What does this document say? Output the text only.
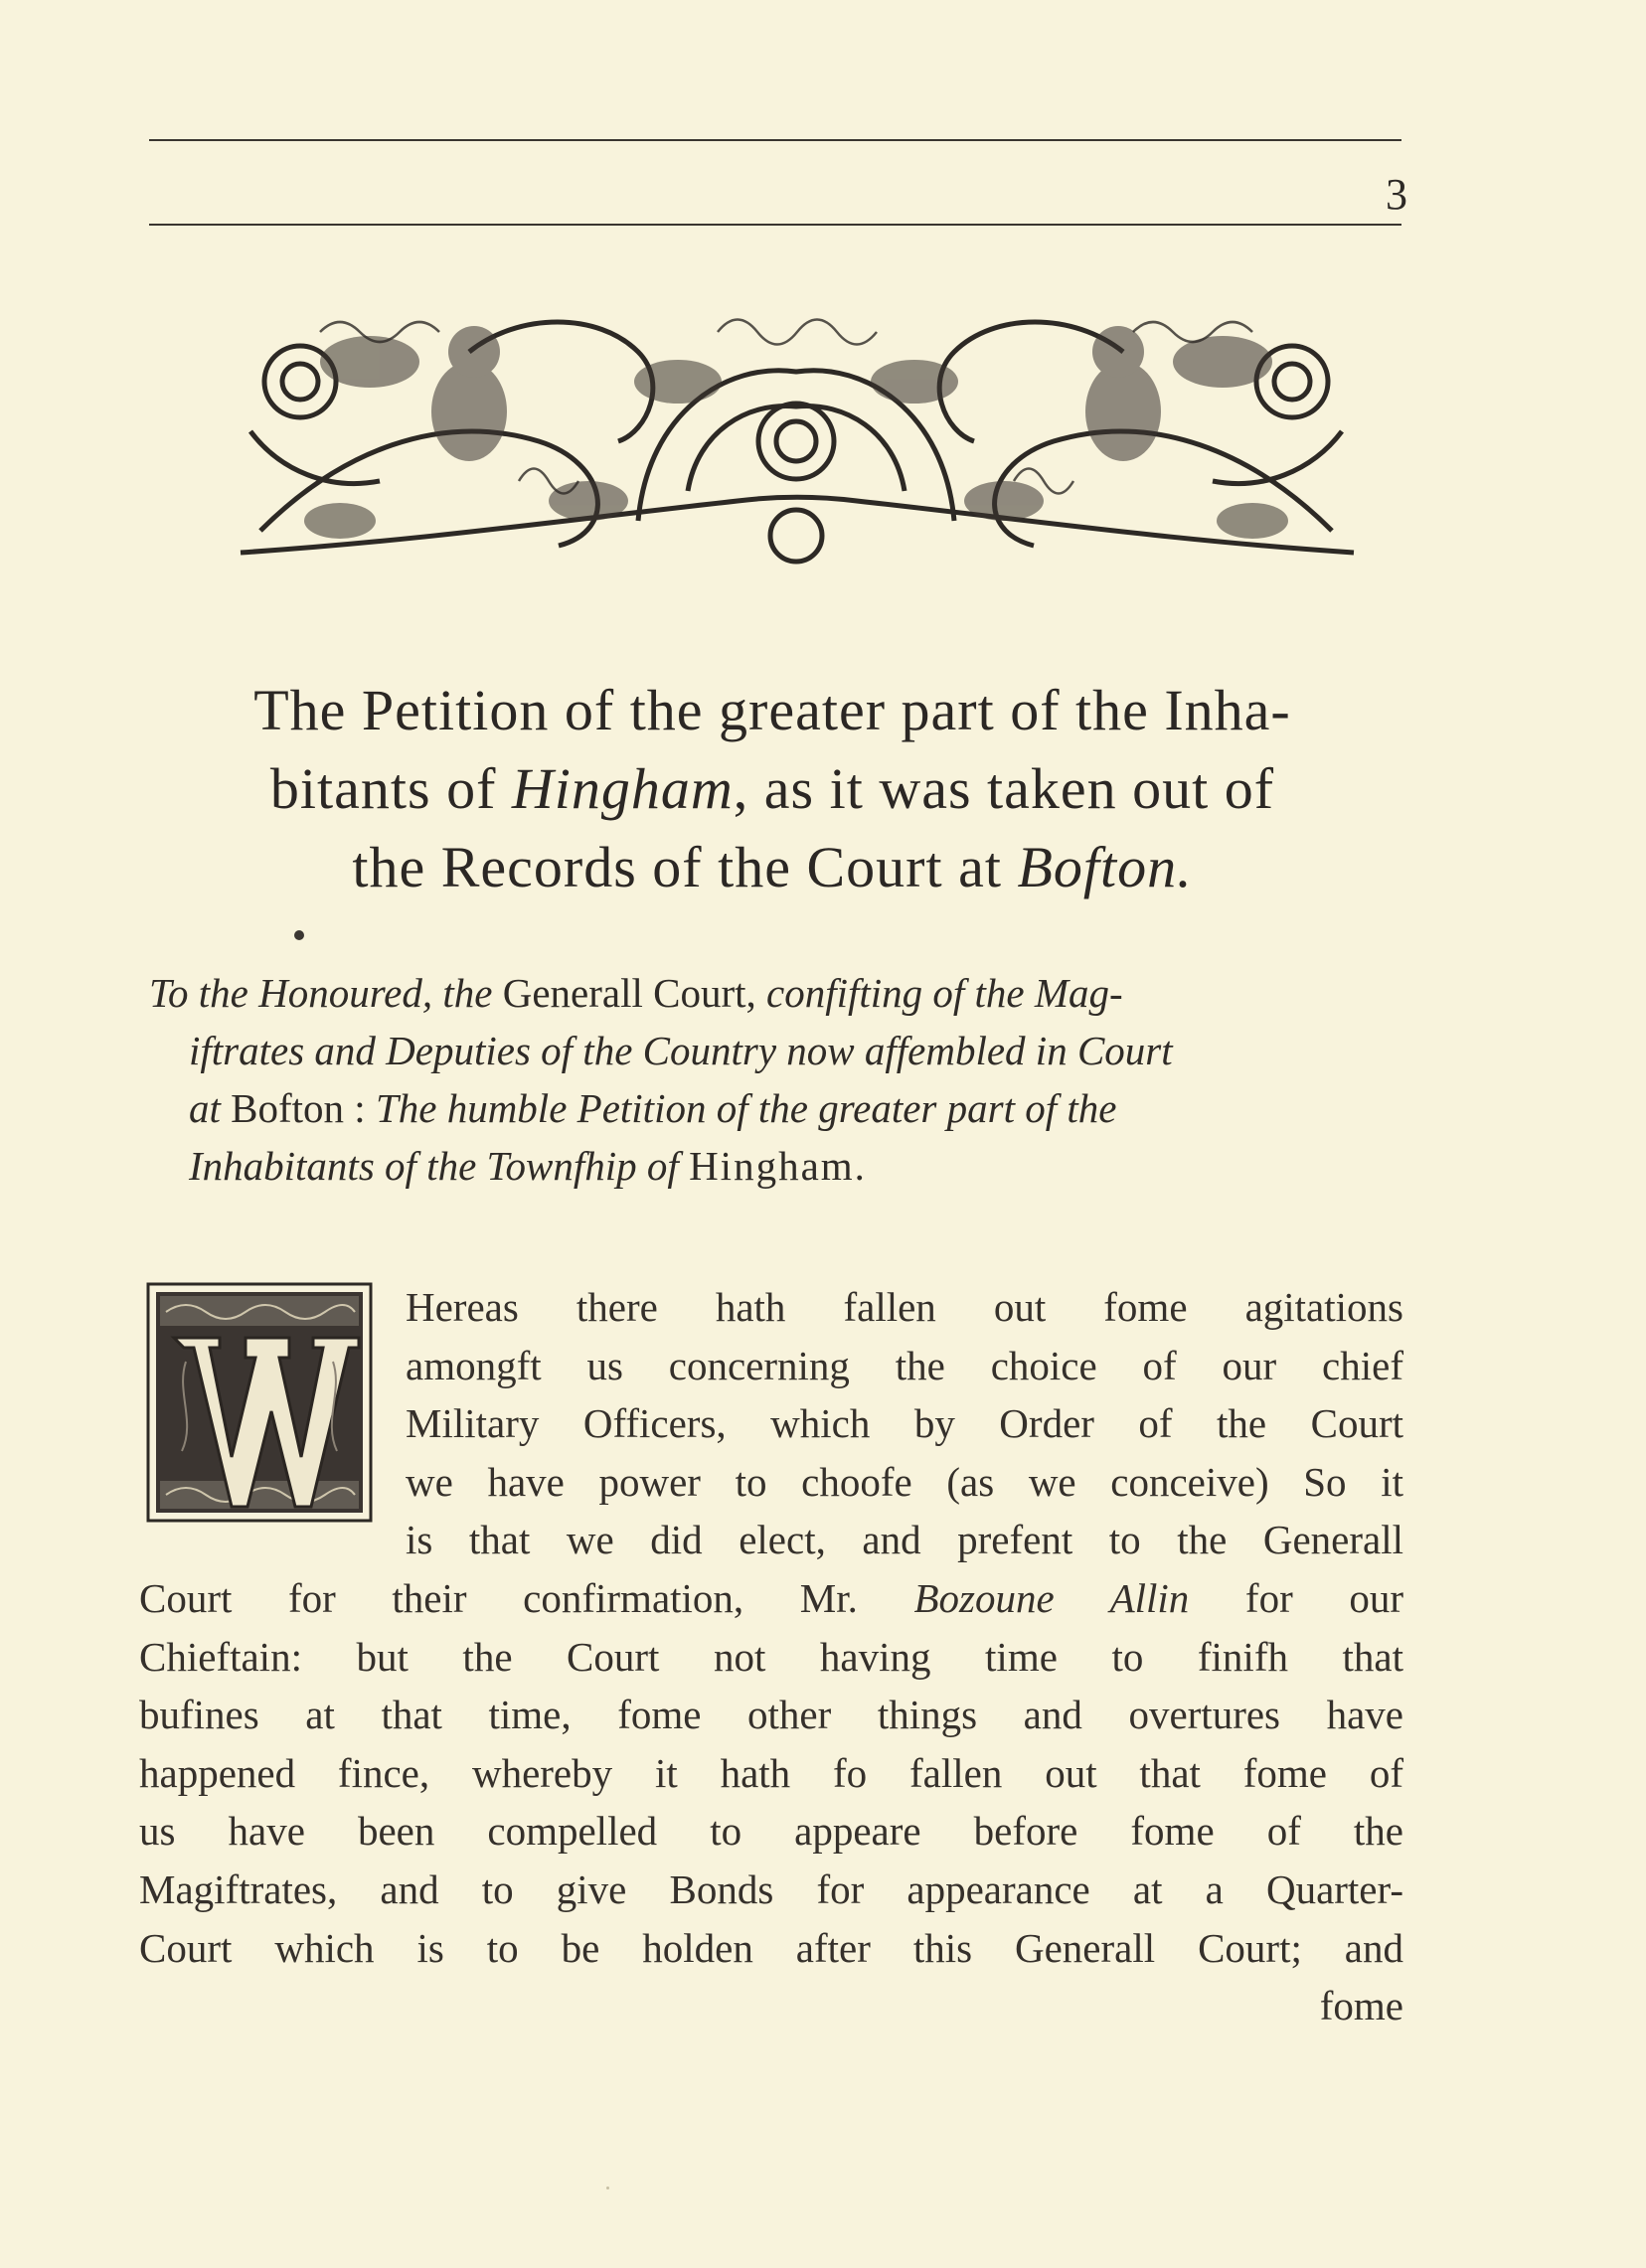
3
The Petition of the greater part of the Inha-
bitants of Hingham, as it was taken out of
the Records of the Court at Bofton.
To the Honoured, the Generall Court, confifting of the Mag-
iftrates and Deputies of the Country now affembled in Court
at Bofton : The humble Petition of the greater part of the
Inhabitants of the Townfhip of Hingham.
Hereas there hath fallen out fome agitations
amongft us concerning the choice of our chief
Military Officers, which by Order of the Court
we have power to choofe (as we conceive) So it
is that we did elect, and prefent to the Generall
Court for their confirmation, Mr. Bozoune Allin for our
Chieftain: but the Court not having time to finifh that
bufines at that time, fome other things and overtures have
happened fince, whereby it hath fo fallen out that fome of
us have been compelled to appeare before fome of the
Magiftrates, and to give Bonds for appearance at a Quarter-
Court which is to be holden after this Generall Court; and
fome
